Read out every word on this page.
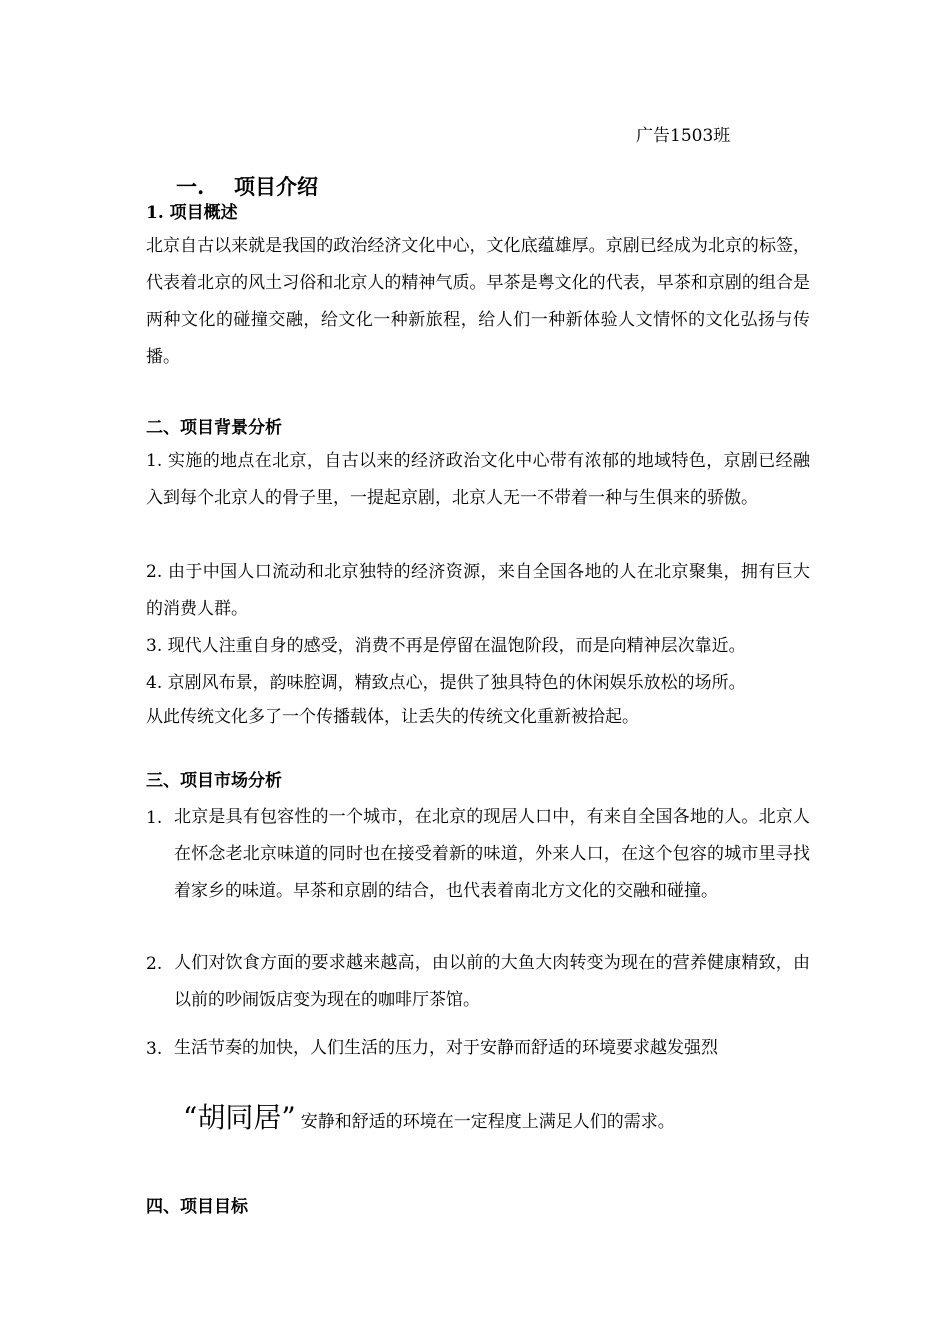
广告1503班
一. 项目介绍
1. 项目概述
北京自古以来就是我国的政治经济文化中心，文化底蕴雄厚。京剧已经成为北京的标签，代表着北京的风土习俗和北京人的精神气质。早茶是粤文化的代表，早茶和京剧的组合是两种文化的碰撞交融，给文化一种新旅程，给人们一种新体验人文情怀的文化弘扬与传播。
二、项目背景分析
1. 实施的地点在北京，自古以来的经济政治文化中心带有浓郁的地域特色，京剧已经融入到每个北京人的骨子里，一提起京剧，北京人无一不带着一种与生俱来的骄傲。
2. 由于中国人口流动和北京独特的经济资源，来自全国各地的人在北京聚集，拥有巨大的消费人群。
3. 现代人注重自身的感受，消费不再是停留在温饱阶段，而是向精神层次靠近。
4. 京剧风布景，韵味腔调，精致点心，提供了独具特色的休闲娱乐放松的场所。
从此传统文化多了一个传播载体，让丢失的传统文化重新被拾起。
三、项目市场分析
1. 北京是具有包容性的一个城市，在北京的现居人口中，有来自全国各地的人。北京人在怀念老北京味道的同时也在接受着新的味道，外来人口，在这个包容的城市里寻找着家乡的味道。早茶和京剧的结合，也代表着南北方文化的交融和碰撞。
2. 人们对饮食方面的要求越来越高，由以前的大鱼大肉转变为现在的营养健康精致，由以前的吵闹饭店变为现在的咖啡厅茶馆。
3. 生活节奏的加快，人们生活的压力，对于安静而舒适的环境要求越发强烈
“胡同居” 安静和舒适的环境在一定程度上满足人们的需求。
四、项目目标
